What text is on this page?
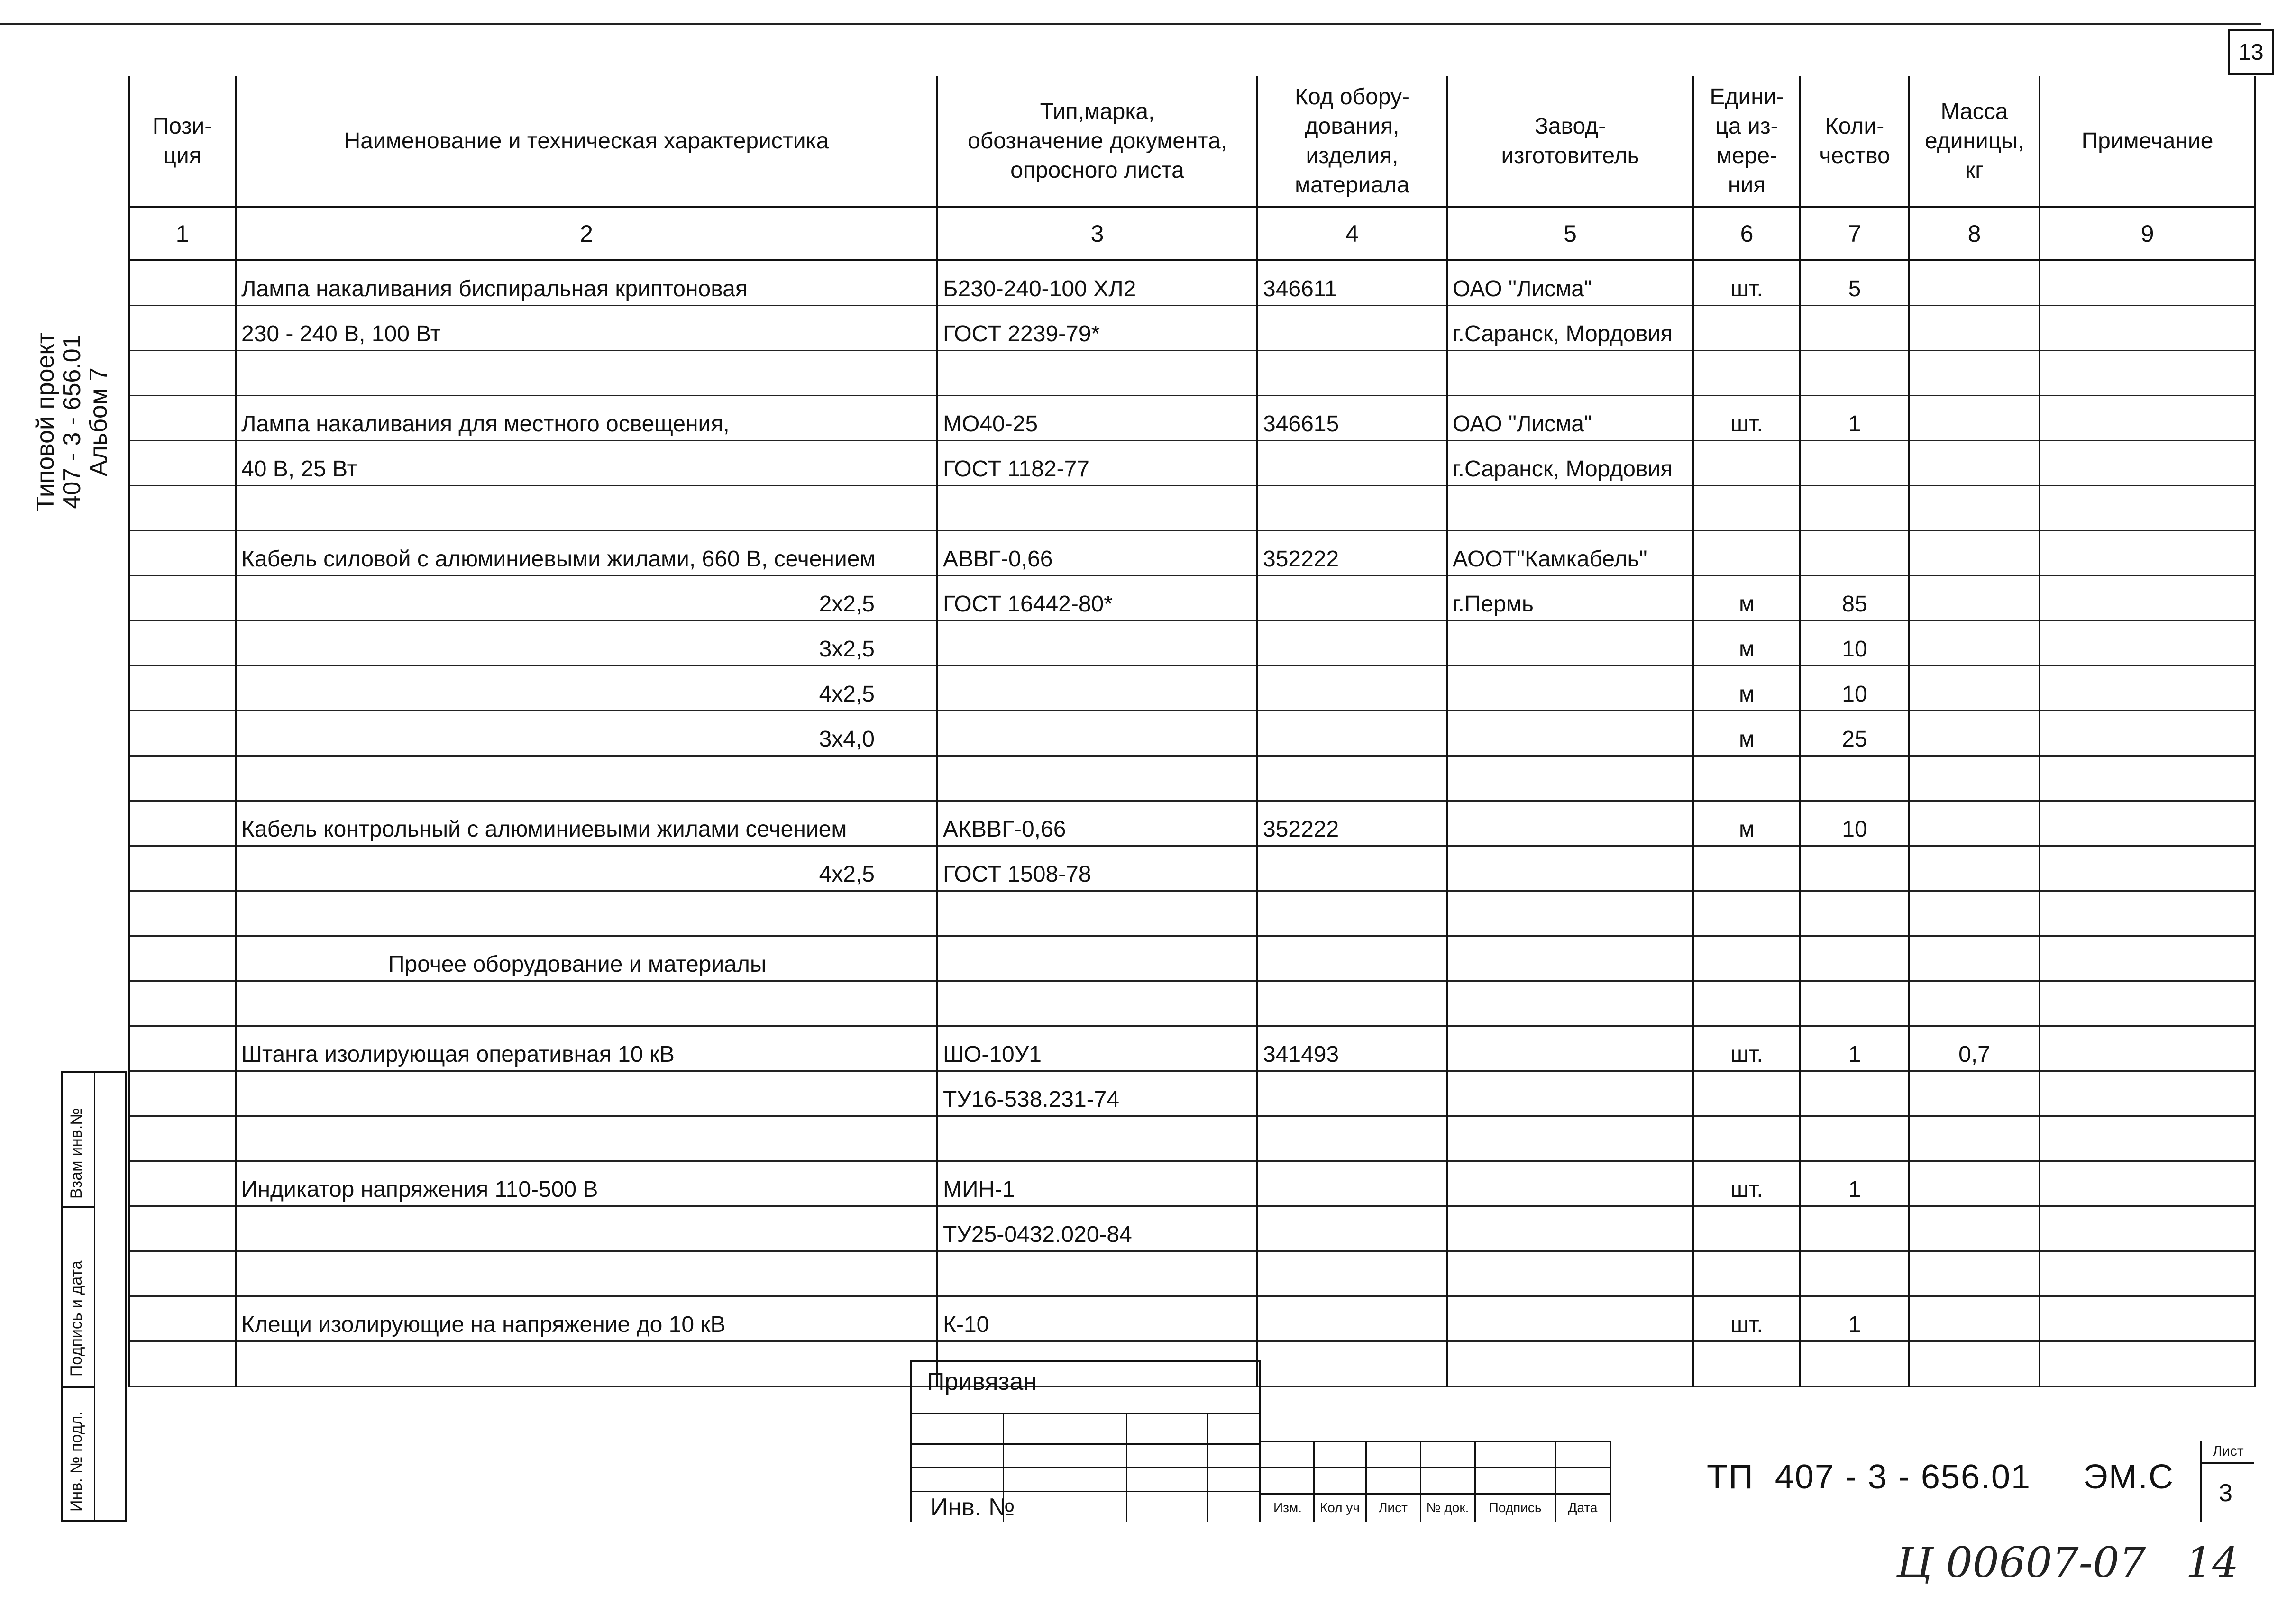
13
Типовой проект
407 - 3 - 656.01
Альбом 7
Пози-
ция	Наименование и техническая характеристика	Тип,марка,
обозначение документа,
опросного листа	Код обору-
дования,
изделия,
материала	Завод-
изготовитель	Едини-
ца из-
мере-
ния	Коли-
чество	Масса
единицы,
кг	Примечание
1	2	3	4	5	6	7	8	9
	Лампа накаливания биспиральная криптоновая	Б230-240-100 ХЛ2	346611	ОАО "Лисма"	шт.	5		
	230 - 240 В, 100 Вт	ГОСТ 2239-79*		г.Саранск, Мордовия				

	Лампа накаливания для местного освещения,	МО40-25	346615	ОАО "Лисма"	шт.	1		
	40 В, 25 Вт	ГОСТ 1182-77		г.Саранск, Мордовия				

	Кабель силовой с алюминиевыми жилами, 660 В, сечением	АВВГ-0,66	352222	АООТ"Камкабель"				
	2х2,5	ГОСТ 16442-80*		г.Пермь	м	85		
	3х2,5				м	10		
	4х2,5				м	10		
	3х4,0				м	25		

	Кабель контрольный с алюминиевыми жилами сечением	АКВВГ-0,66	352222		м	10		
	4х2,5	ГОСТ 1508-78						

	Прочее оборудование и материалы							

	Штанга изолирующая оперативная 10 кВ	ШО-10У1	341493		шт.	1	0,7	
		ТУ16-538.231-74						

	Индикатор напряжения 110-500 В	МИН-1			шт.	1		
		ТУ25-0432.020-84						

	Клещи изолирующие на напряжение до 10 кВ	К-10			шт.	1		

Взам инв.№
Подпись и дата
Инв. № подл.
Привязан
Инв. №	Изм.	Кол уч	Лист	№ док.	Подпись	Дата
ТП  407 - 3 - 656.01     ЭМ.С
Лист
3
Ц 00607-07   14
